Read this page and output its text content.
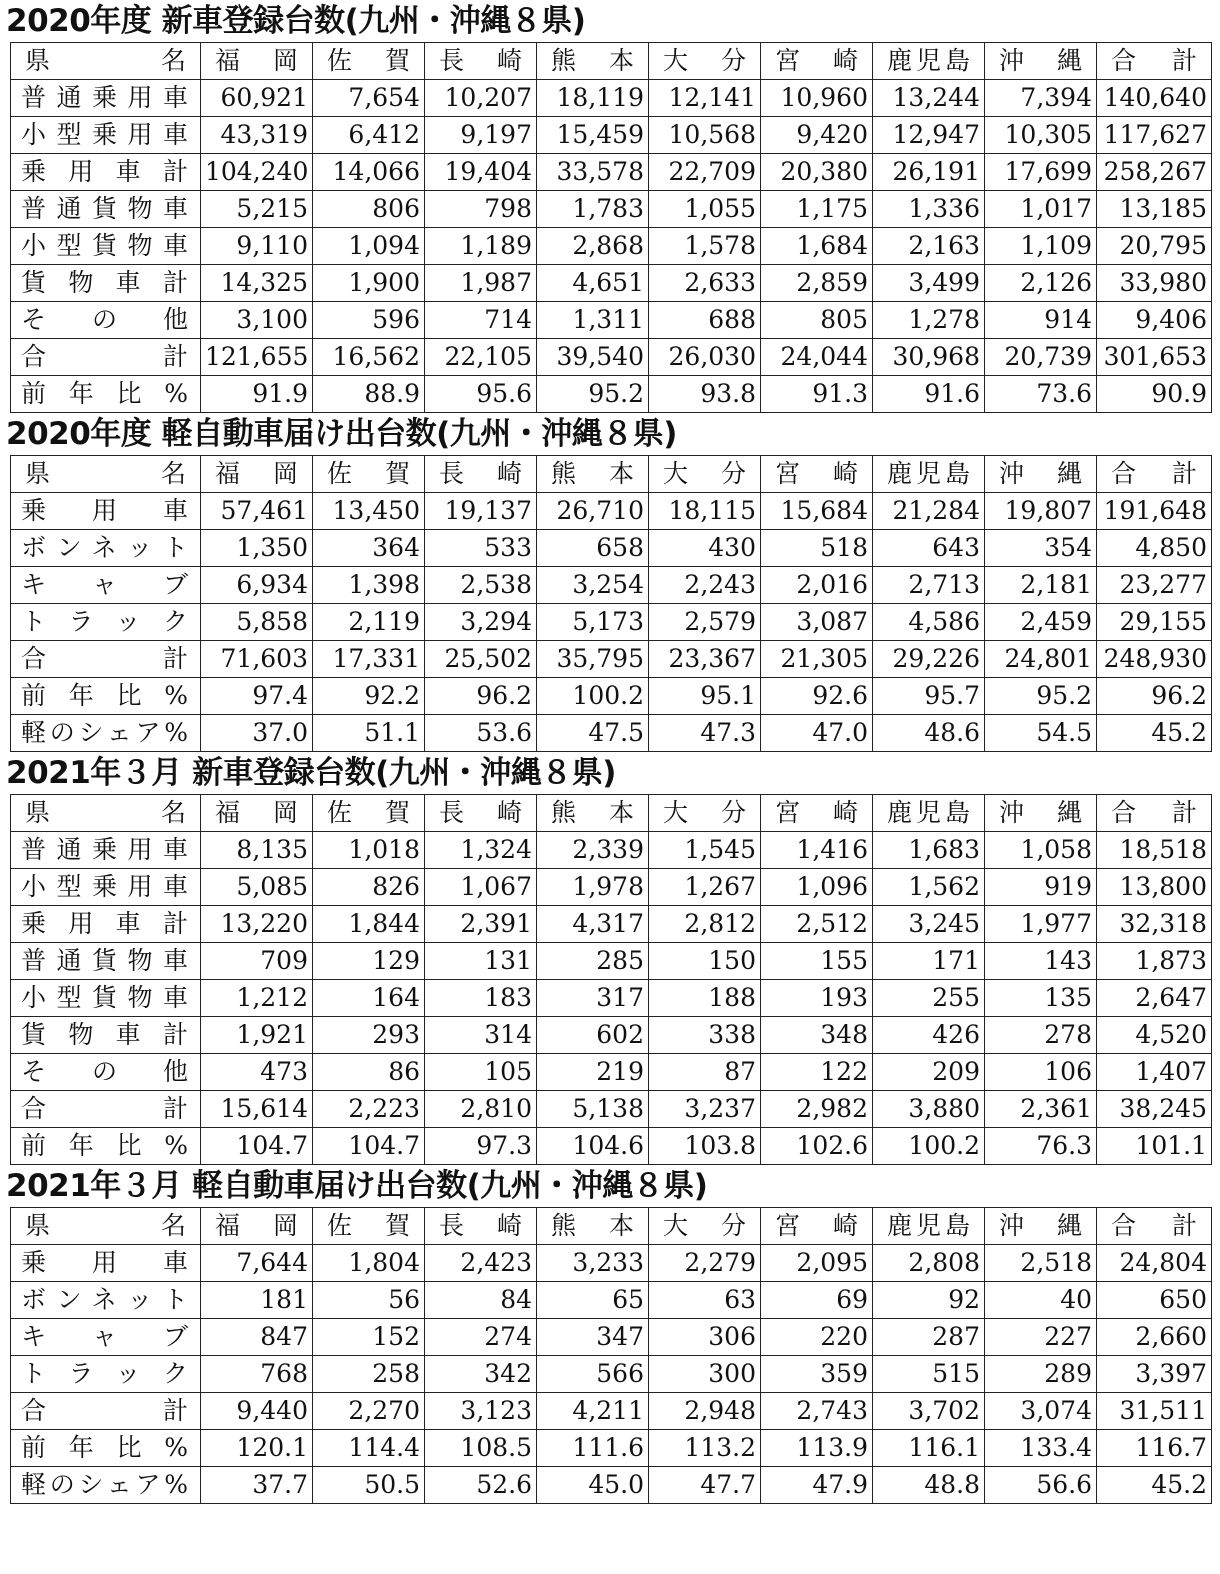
2020年度 新車登録台数(九州・沖縄８県)
県名	福岡	佐賀	長崎	熊本	大分	宮崎	鹿児島	沖縄	合計
普通乗用車	60,921	7,654	10,207	18,119	12,141	10,960	13,244	7,394	140,640
小型乗用車	43,319	6,412	9,197	15,459	10,568	9,420	12,947	10,305	117,627
乗用車計	104,240	14,066	19,404	33,578	22,709	20,380	26,191	17,699	258,267
普通貨物車	5,215	806	798	1,783	1,055	1,175	1,336	1,017	13,185
小型貨物車	9,110	1,094	1,189	2,868	1,578	1,684	2,163	1,109	20,795
貨物車計	14,325	1,900	1,987	4,651	2,633	2,859	3,499	2,126	33,980
その他	3,100	596	714	1,311	688	805	1,278	914	9,406
合計	121,655	16,562	22,105	39,540	26,030	24,044	30,968	20,739	301,653
前年比%	91.9	88.9	95.6	95.2	93.8	91.3	91.6	73.6	90.9
2020年度 軽自動車届け出台数(九州・沖縄８県)
県名	福岡	佐賀	長崎	熊本	大分	宮崎	鹿児島	沖縄	合計
乗用車	57,461	13,450	19,137	26,710	18,115	15,684	21,284	19,807	191,648
ボンネット	1,350	364	533	658	430	518	643	354	4,850
キャブ	6,934	1,398	2,538	3,254	2,243	2,016	2,713	2,181	23,277
トラック	5,858	2,119	3,294	5,173	2,579	3,087	4,586	2,459	29,155
合計	71,603	17,331	25,502	35,795	23,367	21,305	29,226	24,801	248,930
前年比%	97.4	92.2	96.2	100.2	95.1	92.6	95.7	95.2	96.2
軽のシェア%	37.0	51.1	53.6	47.5	47.3	47.0	48.6	54.5	45.2
2021年３月 新車登録台数(九州・沖縄８県)
県名	福岡	佐賀	長崎	熊本	大分	宮崎	鹿児島	沖縄	合計
普通乗用車	8,135	1,018	1,324	2,339	1,545	1,416	1,683	1,058	18,518
小型乗用車	5,085	826	1,067	1,978	1,267	1,096	1,562	919	13,800
乗用車計	13,220	1,844	2,391	4,317	2,812	2,512	3,245	1,977	32,318
普通貨物車	709	129	131	285	150	155	171	143	1,873
小型貨物車	1,212	164	183	317	188	193	255	135	2,647
貨物車計	1,921	293	314	602	338	348	426	278	4,520
その他	473	86	105	219	87	122	209	106	1,407
合計	15,614	2,223	2,810	5,138	3,237	2,982	3,880	2,361	38,245
前年比%	104.7	104.7	97.3	104.6	103.8	102.6	100.2	76.3	101.1
2021年３月 軽自動車届け出台数(九州・沖縄８県)
県名	福岡	佐賀	長崎	熊本	大分	宮崎	鹿児島	沖縄	合計
乗用車	7,644	1,804	2,423	3,233	2,279	2,095	2,808	2,518	24,804
ボンネット	181	56	84	65	63	69	92	40	650
キャブ	847	152	274	347	306	220	287	227	2,660
トラック	768	258	342	566	300	359	515	289	3,397
合計	9,440	2,270	3,123	4,211	2,948	2,743	3,702	3,074	31,511
前年比%	120.1	114.4	108.5	111.6	113.2	113.9	116.1	133.4	116.7
軽のシェア%	37.7	50.5	52.6	45.0	47.7	47.9	48.8	56.6	45.2
